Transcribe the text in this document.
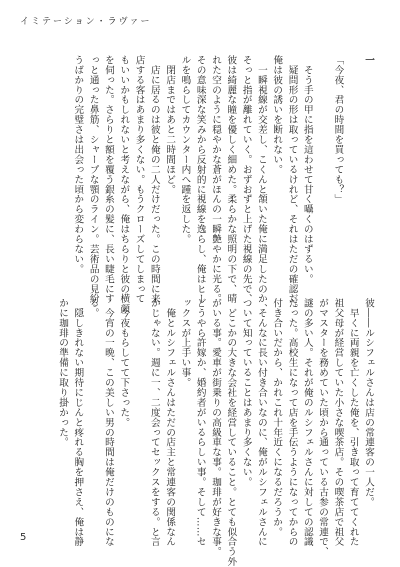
イミテーション・ラヴァー
一

「今夜、君の時間を買っても？」

　そう手の甲に指を這わせて甘く囁くのはずるい。
　疑問形の形は取っているけれど、それはただの確認だ。
俺は彼の誘いを断れない。
　一瞬視線が交差し、こくんと頷いた俺に満足したのか、
そっと指が離れていく。おずおずと上げた視線の先で、
彼は綺麗な瞳を優しく細めた。柔らかな照明の下で、晴
れた空のように穏やかな蒼がほんの一瞬艶やかに光る。
その意味深な笑みから反射的に視線を逸らし、俺はヒー
ルを鳴らしてカウンター内へ踵を返した。
　閉店まではあと二時間ほど。
　店に居るのは彼と俺の二人だけだった。この時間に来
店する客はあまり多くない。もうクローズしてしまって
もいいかもしれないと考えながら、俺はちらりと彼の横顔
を伺った。さらりと額を覆う銀糸の髪に、長い睫毛にす
っと通った鼻筋、シャープな顎のライン。芸術品の見紛
うばかりの完璧さは出会った頃から変わらない。
彼――ルシフェルさんは店の常連客の一人だ。
　早くに両親を亡くした俺を、引き取って育ててくれた
祖父母が経営していた小さな喫茶店。その喫茶店で祖父
がマスターを務めていた頃から通っている古参の常連で、
謎の多い人。それが俺のルシフェルさんに対しての認識
だった。高校生になって店を手伝うようになってからの
付き合いだから、かれこれ十年近くになるだろうか。
　そんなに長い付き合いなのに、俺がルシフェルさんに
ついて知っていることはあまり多くない。
　どこかの大きな会社を経営していること。とても似合う外
がいる事。愛車が街乗りの高級車な事。珈琲が好きな事。
どうやら許嫁か、婚約者がいるらしい事。そして……セ
ックスが上手い事。
　俺とルシフェルさんはただの店主と常連客の関係なん
かじゃない。週に一、二度会ってセックスをする。と言

　今夜もらしてて下さった。
　今宵の一晩、この美しい男の時間は俺だけのものにな
る。
　隠しきれない期待にじんと疼れる胸を押さえ、俺は静
かに珈琲の準備に取り掛かった。
5
